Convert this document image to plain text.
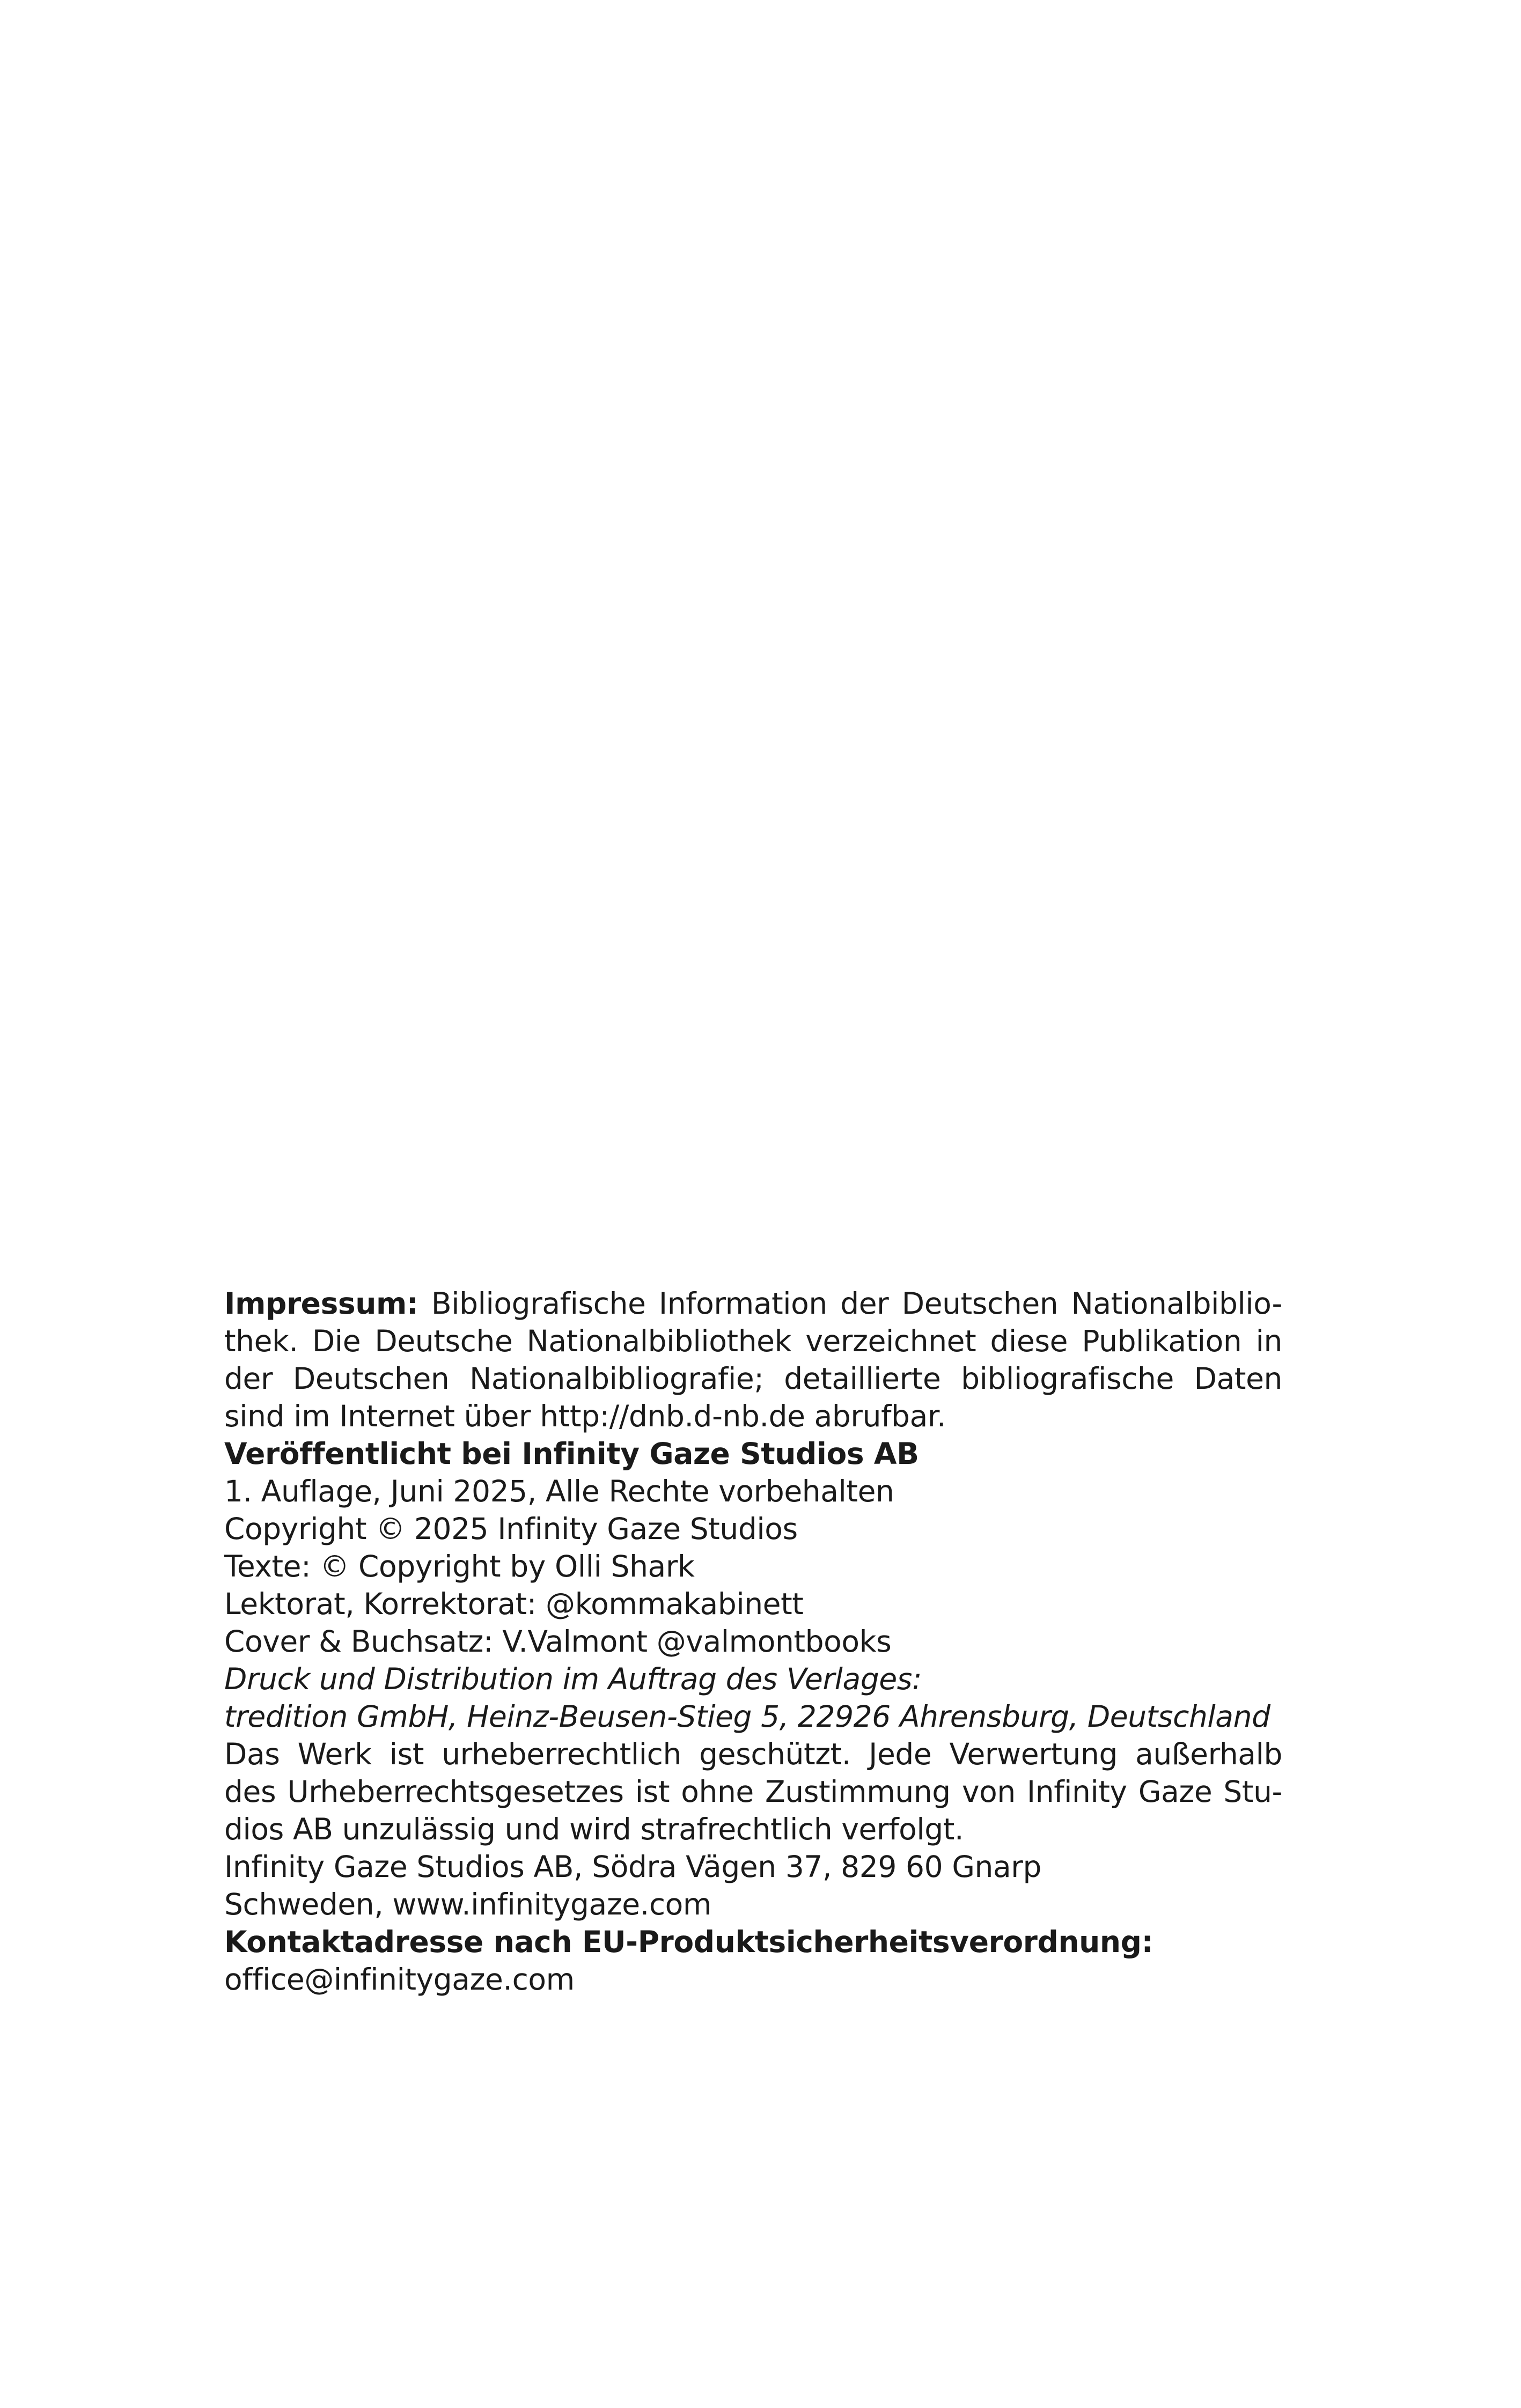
Impressum: Bibliografische Information der Deutschen Nationalbiblio-
thek. Die Deutsche Nationalbibliothek verzeichnet diese Publikation in
der Deutschen Nationalbibliografie; detaillierte bibliografische Daten
sind im Internet über http://dnb.d-nb.de abrufbar.

Veröffentlicht bei Infinity Gaze Studios AB

1. Auflage, Juni 2025, Alle Rechte vorbehalten

Copyright © 2025 Infinity Gaze Studios

Texte: © Copyright by Olli Shark

Lektorat, Korrektorat: @kommakabinett

Cover & Buchsatz: V.Valmont @valmontbooks

Druck und Distribution im Auftrag des Verlages:

tredition GmbH, Heinz-Beusen-Stieg 5, 22926 Ahrensburg, Deutschland

Das Werk ist urheberrechtlich geschützt. Jede Verwertung außerhalb
des Urheberrechtsgesetzes ist ohne Zustimmung von Infinity Gaze Stu-
dios AB unzulässig und wird strafrechtlich verfolgt.

Infinity Gaze Studios AB, Södra Vägen 37, 829 60 Gnarp

Schweden, www.infinitygaze.com

Kontaktadresse nach EU-Produktsicherheitsverordnung:

office@infinitygaze.com
